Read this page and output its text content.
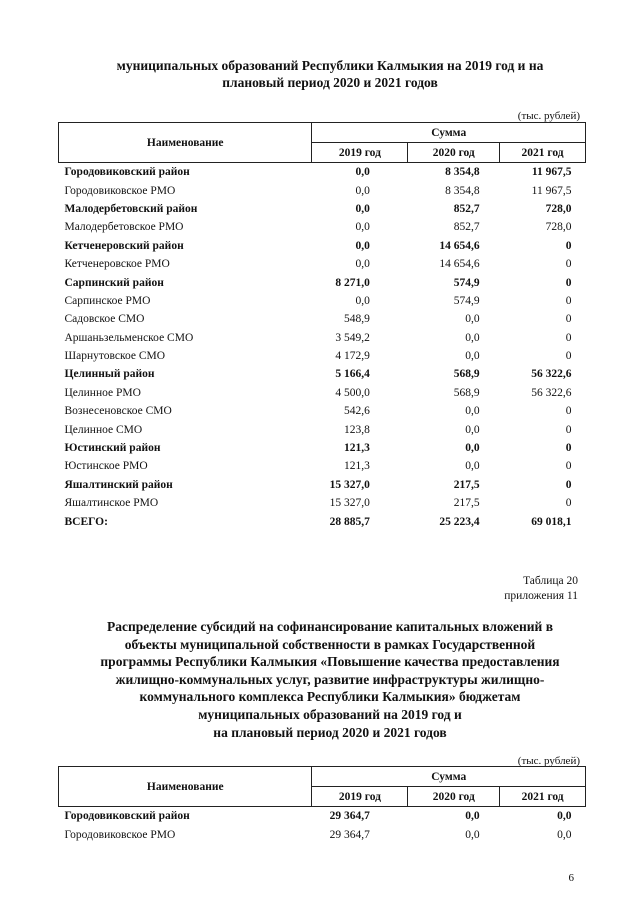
муниципальных образований Республики Калмыкия на 2019 год и на
плановый период 2020 и 2021 годов
(тыс. рублей)
Наименование	Сумма		
	2019 год	2020 год	2021 год
Городовиковский район	0,0	8 354,8	11 967,5
Городовиковское РМО	0,0	8 354,8	11 967,5
Малодербетовский район	0,0	852,7	728,0
Малодербетовское РМО	0,0	852,7	728,0
Кетченеровский район	0,0	14 654,6	0
Кетченеровское РМО	0,0	14 654,6	0
Сарпинский район	8 271,0	574,9	0
Сарпинское РМО	0,0	574,9	0
Садовское СМО	548,9	0,0	0
Аршаньзельменское СМО	3 549,2	0,0	0
Шарнутовское СМО	4 172,9	0,0	0
Целинный район	5 166,4	568,9	56 322,6
Целинное РМО	4 500,0	568,9	56 322,6
Вознесеновское СМО	542,6	0,0	0
Целинное СМО	123,8	0,0	0
Юстинский район	121,3	0,0	0
Юстинское РМО	121,3	0,0	0
Яшалтинский район	15 327,0	217,5	0
Яшалтинское РМО	15 327,0	217,5	0
ВСЕГО:	28 885,7	25 223,4	69 018,1
Таблица 20
приложения 11
Распределение субсидий на софинансирование капитальных вложений в
объекты муниципальной собственности в рамках Государственной
программы Республики Калмыкия «Повышение качества предоставления
жилищно-коммунальных услуг, развитие инфраструктуры жилищно-
коммунального комплекса Республики Калмыкия» бюджетам
муниципальных образований на 2019 год и
на плановый период 2020 и 2021 годов
(тыс. рублей)
Наименование	Сумма		
	2019 год	2020 год	2021 год
Городовиковский район	29 364,7	0,0	0,0
Городовиковское РМО	29 364,7	0,0	0,0
6
